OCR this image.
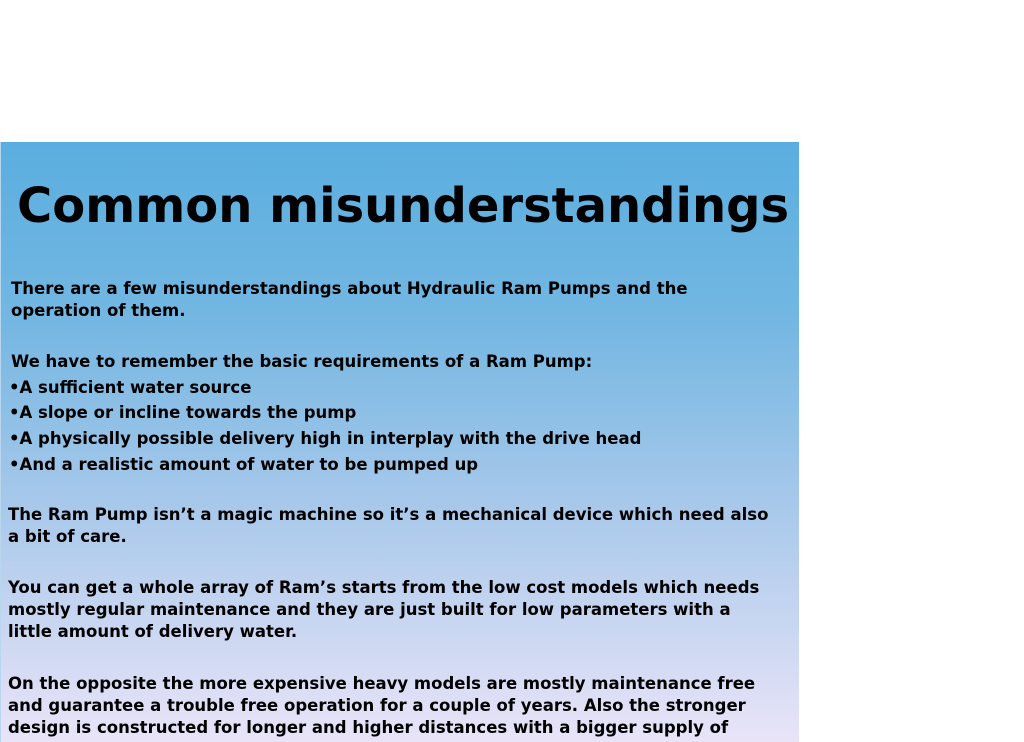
Common misunderstandings

There are a few misunderstandings about Hydraulic Ram Pumps and the

operation of them.

We have to remember the basic requirements of a Ram Pump:

•A sufficient water source

•A slope or incline towards the pump

•A physically possible delivery high in interplay with the drive head

•And a realistic amount of water to be pumped up

The Ram Pump isn’t a magic machine so it’s a mechanical device which need also

a bit of care.

You can get a whole array of Ram’s starts from the low cost models which needs

mostly regular maintenance and they are just built for low parameters with a

little amount of delivery water.

On the opposite the more expensive heavy models are mostly maintenance free

and guarantee a trouble free operation for a couple of years. Also the stronger

design is constructed for longer and higher distances with a bigger supply of
